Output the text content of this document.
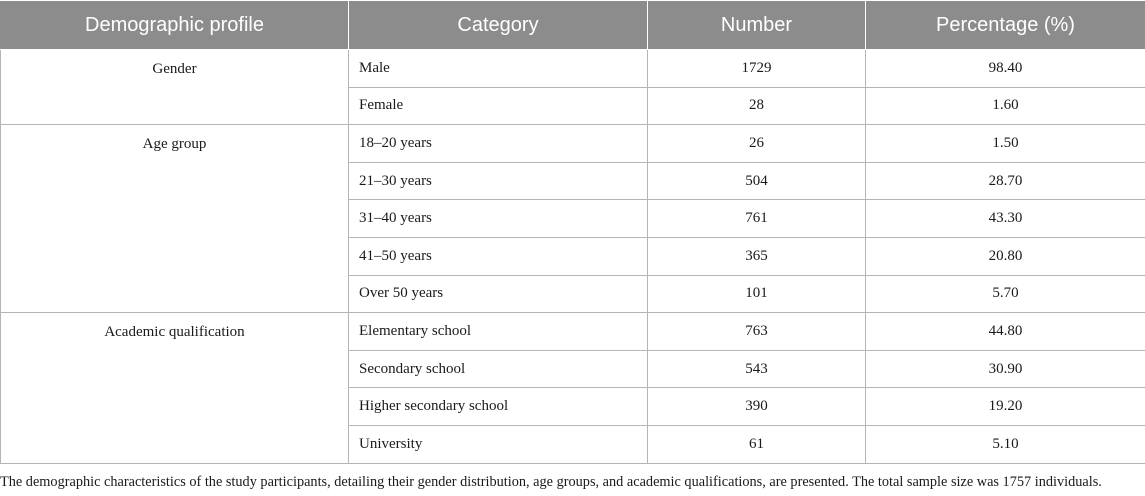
Demographic profile	Category	Number	Percentage (%)
Gender	Male	1729	98.40
	Female	28	1.60
Age group	18–20 years	26	1.50
	21–30 years	504	28.70
	31–40 years	761	43.30
	41–50 years	365	20.80
	Over 50 years	101	5.70
Academic qualification	Elementary school	763	44.80
	Secondary school	543	30.90
	Higher secondary school	390	19.20
	University	61	5.10
The demographic characteristics of the study participants, detailing their gender distribution, age groups, and academic qualifications, are presented. The total sample size was 1757 individuals.
